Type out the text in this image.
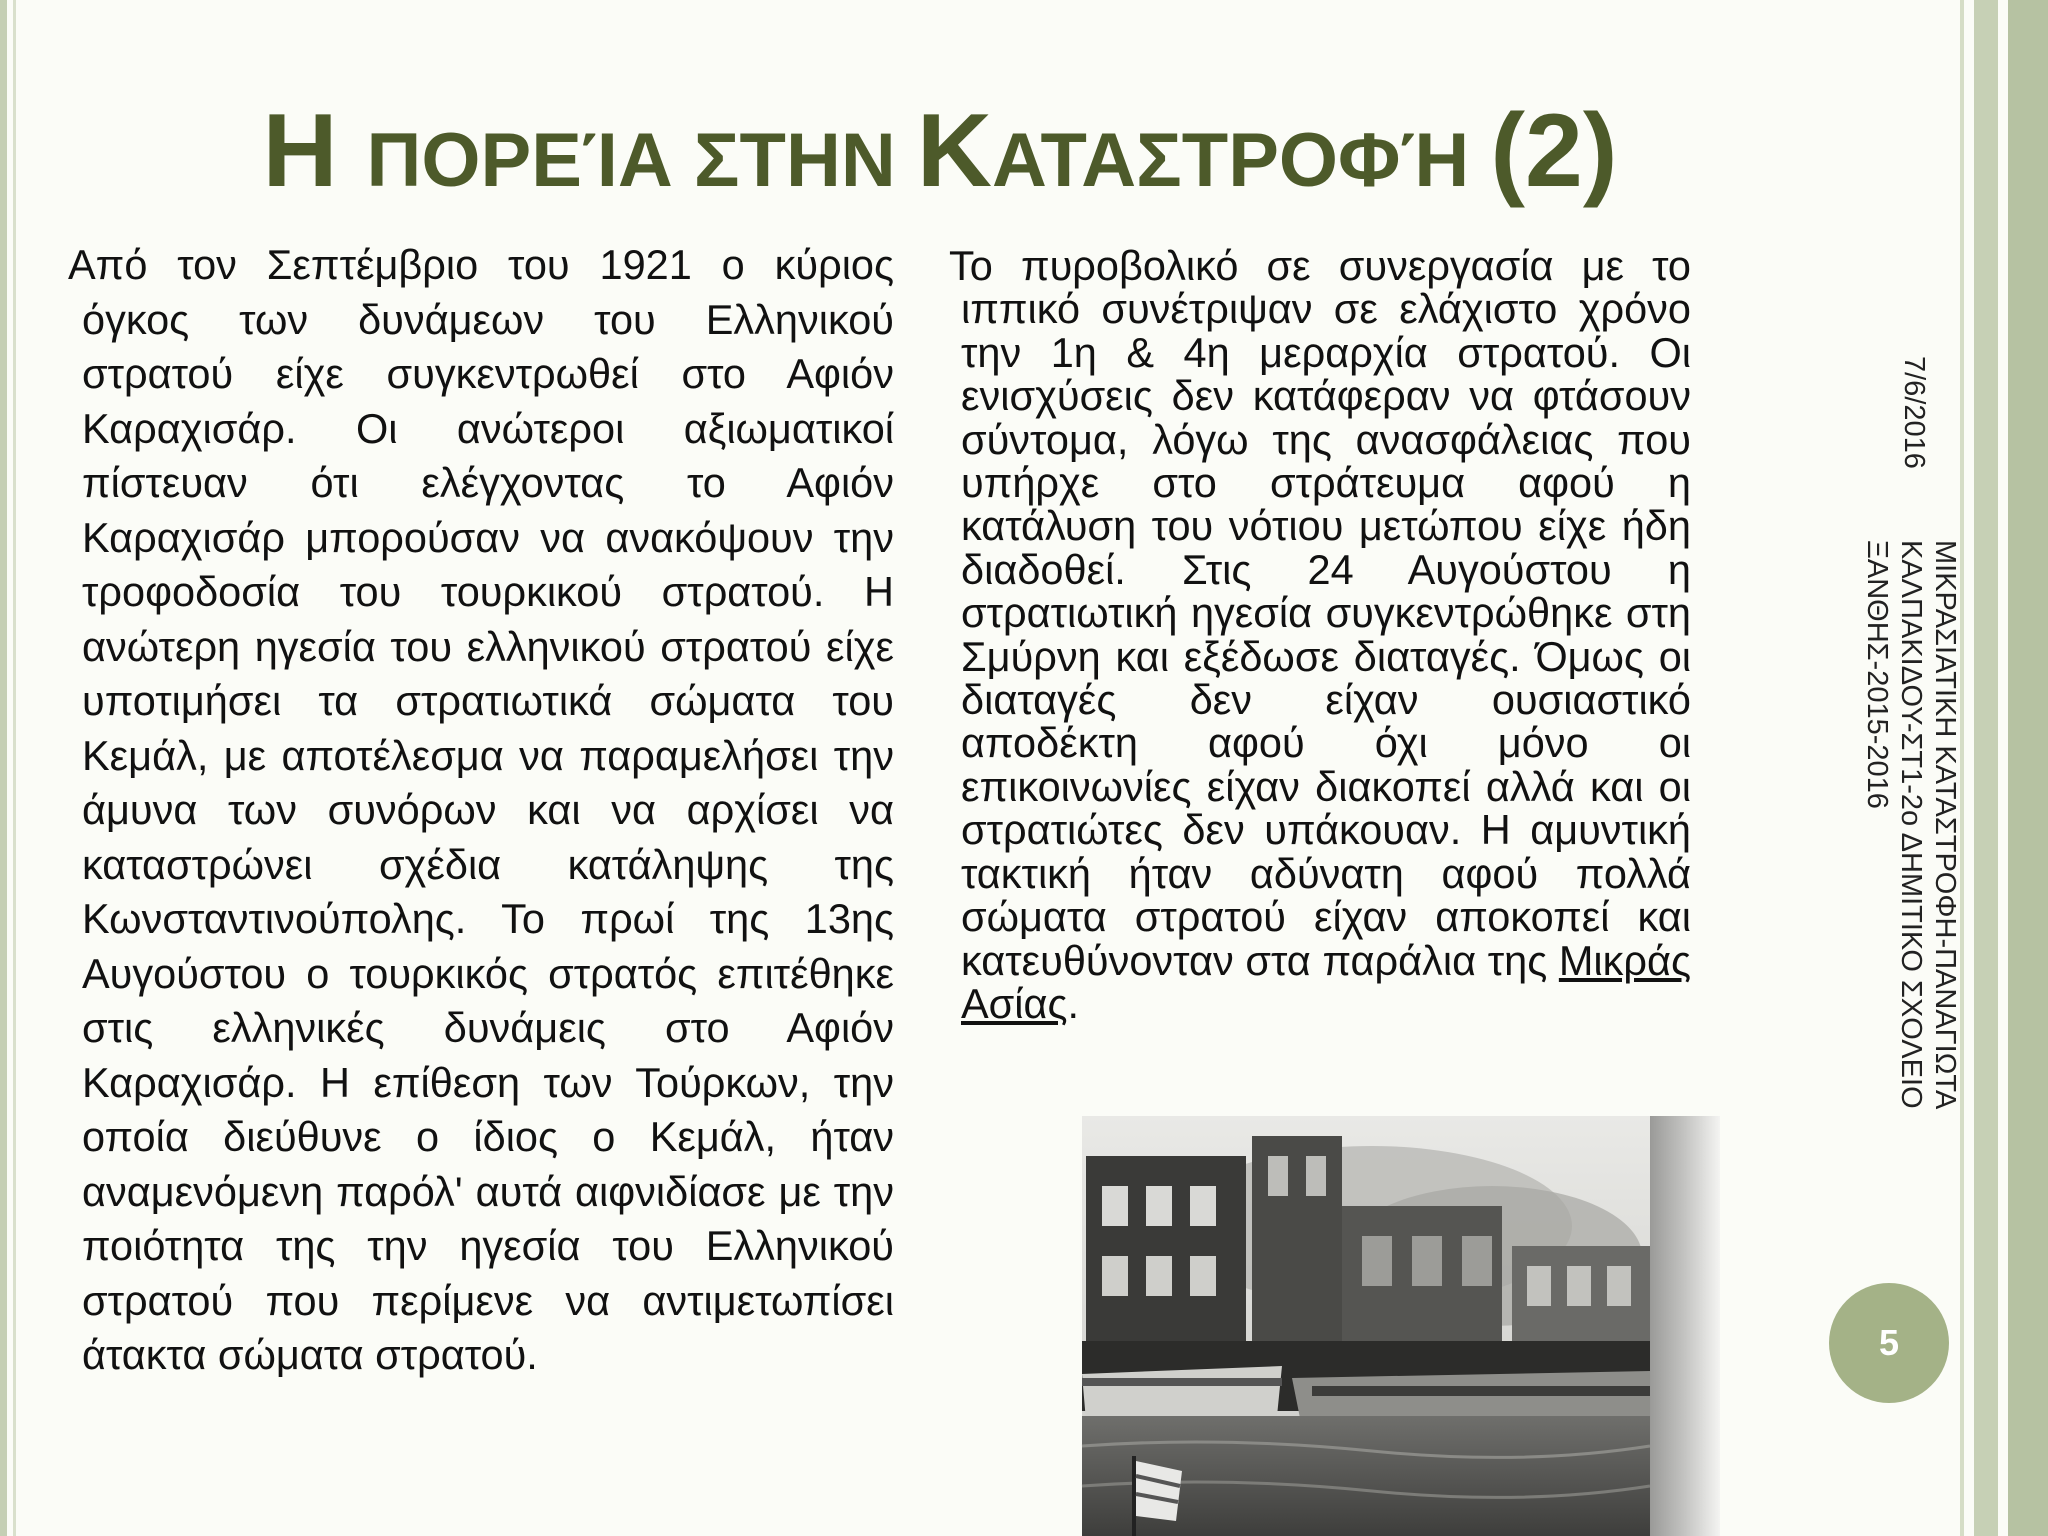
Η ΠΟΡΕΊΑ ΣΤΗΝ ΚΑΤΑΣΤΡΟΦΉ (2)
Από τον Σεπτέμβριο του 1921 ο κύριος όγκος των δυνάμεων του Ελληνικού στρατού είχε συγκεντρωθεί στο Αφιόν Καραχισάρ. Οι ανώτεροι αξιωματικοί πίστευαν ότι ελέγχοντας το Αφιόν Καραχισάρ μπορούσαν να ανακόψουν την τροφοδοσία του τουρκικού στρατού. Η ανώτερη ηγεσία του ελληνικού στρατού είχε υποτιμήσει τα στρατιωτικά σώματα του Κεμάλ, με αποτέλεσμα να παραμελήσει την άμυνα των συνόρων και να αρχίσει να καταστρώνει σχέδια κατάληψης της Κωνσταντινούπολης. Το πρωί της 13ης Αυγούστου ο τουρκικός στρατός επιτέθηκε στις ελληνικές δυνάμεις στο Αφιόν Καραχισάρ. Η επίθεση των Τούρκων, την οποία διεύθυνε ο ίδιος ο Κεμάλ, ήταν αναμενόμενη παρόλ' αυτά αιφνιδίασε με την ποιότητα της την ηγεσία του Ελληνικού στρατού που περίμενε να αντιμετωπίσει άτακτα σώματα στρατού.
Το πυροβολικό σε συνεργασία με το ιππικό συνέτριψαν σε ελάχιστο χρόνο την 1η & 4η μεραρχία στρατού. Οι ενισχύσεις δεν κατάφεραν να φτάσουν σύντομα, λόγω της ανασφάλειας που υπήρχε στο στράτευμα αφού η κατάλυση του νότιου μετώπου είχε ήδη διαδοθεί. Στις 24 Αυγούστου η στρατιωτική ηγεσία συγκεντρώθηκε στη Σμύρνη και εξέδωσε διαταγές. Όμως οι διαταγές δεν είχαν ουσιαστικό αποδέκτη αφού όχι μόνο οι επικοινωνίες είχαν διακοπεί αλλά και οι στρατιώτες δεν υπάκουαν. Η αμυντική τακτική ήταν αδύνατη αφού πολλά σώματα στρατού είχαν αποκοπεί και κατευθύνονταν στα παράλια της Μικράς Ασίας.
7/6/2016
ΜΙΚΡΑΣΙΑΤΙΚΗ ΚΑΤΑΣΤΡΟΦΗ-ΠΑΝΑΓΙΩΤΑ
ΚΑΛΠΑΚΙΔΟΥ-ΣΤ1-2ο ΔΗΜΙΤΙΚΟ ΣΧΟΛΕΙΟ
ΞΑΝΘΗΣ-2015-2016
5
